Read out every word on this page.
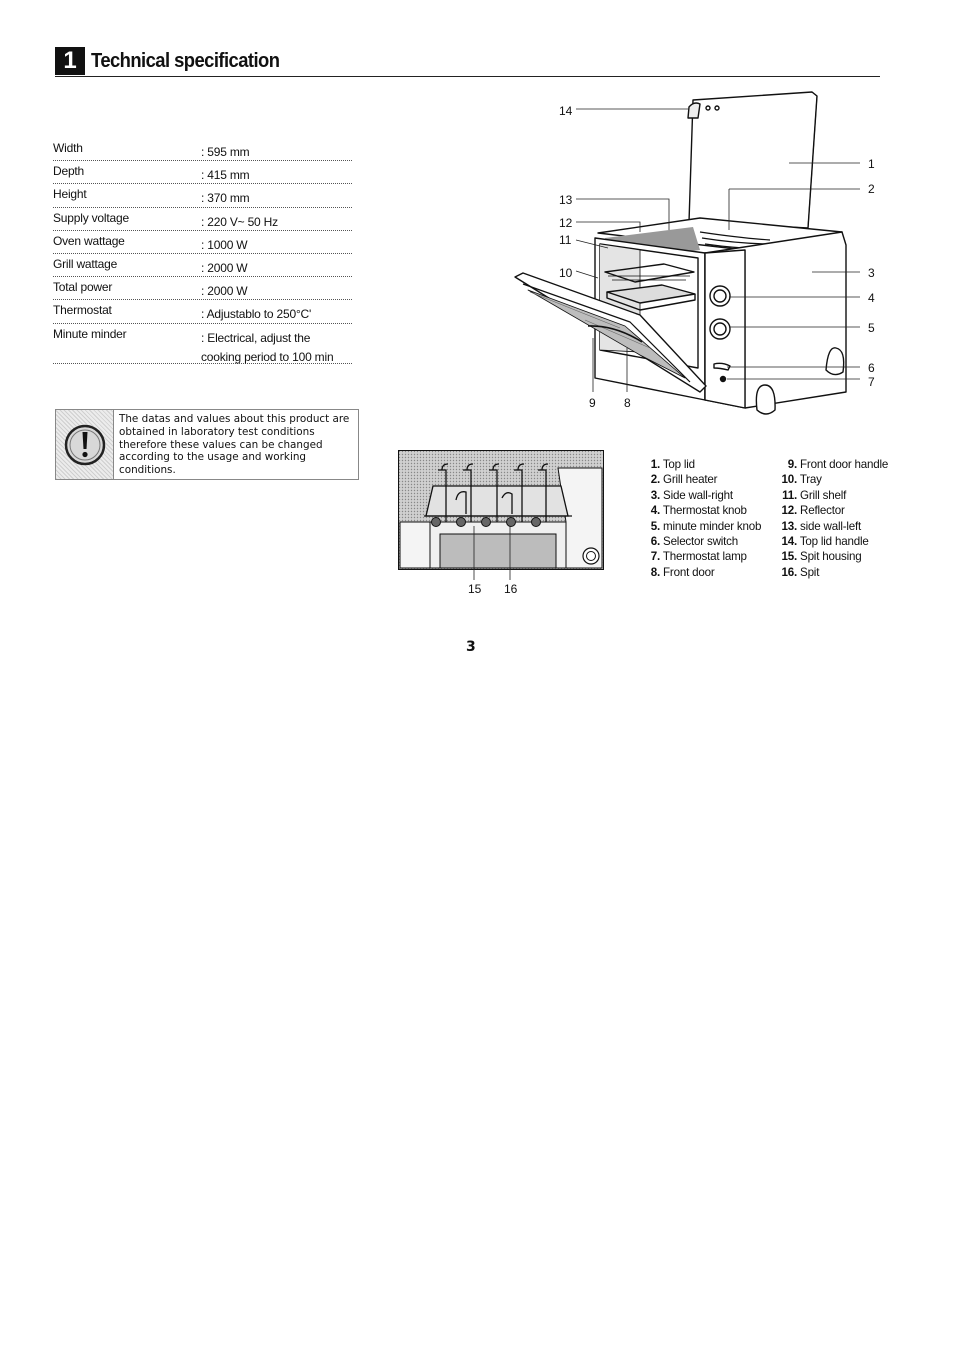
1 Technical specification
Width	: 595 mm
Depth	: 415 mm
Height	: 370 mm
Supply voltage	: 220 V~ 50 Hz
Oven wattage	: 1000 W
Grill wattage	: 2000 W
Total power	: 2000 W
Thermostat	: Adjustablo to 250°C'
Minute minder	: Electrical, adjust the cooking period to 100 min
The datas and values about this product are obtained in laboratory test conditions therefore these values can be changed according to the usage and working conditions.
14
13
12
11
10
9 8
1
2
3
4
5
6
7
15 16
1. Top lid
2. Grill heater
3. Side wall-right
4. Thermostat knob
5. minute minder knob
6. Selector switch
7. Thermostat lamp
8. Front door
9. Front door handle
10. Tray
11. Grill shelf
12. Reflector
13. side wall-left
14. Top lid handle
15. Spit housing
16. Spit
3
